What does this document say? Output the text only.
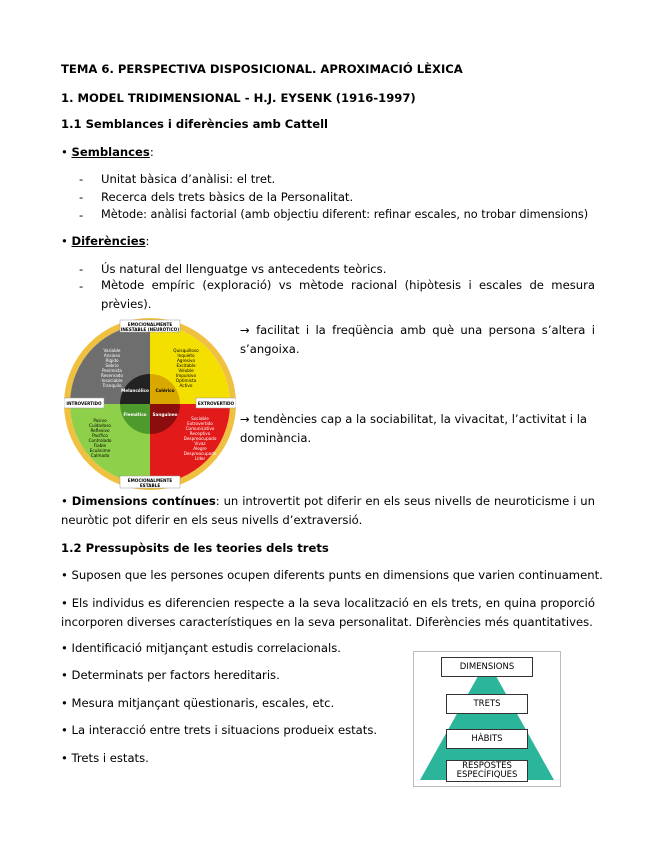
TEMA 6. PERSPECTIVA DISPOSICIONAL. APROXIMACIÓ LÈXICA
1. MODEL TRIDIMENSIONAL - H.J. EYSENK (1916-1997)
1.1 Semblances i diferències amb Cattell
• Semblances:
- Unitat bàsica d’anàlisi: el tret.
- Recerca dels trets bàsics de la Personalitat.
- Mètode: anàlisi factorial (amb objectiu diferent: refinar escales, no trobar dimensions)
• Diferències:
- Ús natural del llenguatge vs antecedents teòrics.
- Mètode empíric (exploració) vs mètode racional (hipòtesis i escales de mesura prèvies).
EMOCIONALMENTE
INESTABLE (NEURÓTICO)
EMOCIONALMENTE
ESTABLE
INTROVERTIDO	EXTROVERTIDO
Variable
Ansioso
Rígido
Sobrio
Pesimista
Reservado
Insociable
Tranquilo
Quisquilloso
Inquieto
Agresivo
Excitable
Voluble
Impulsivo
Optimista
Activo
Pasivo
Cuidadoso
Reflexivo
Pacífico
Controlado
Fiable
Ecuánime
Calmado
Sociable
Extrovertido
Comunicativo
Receptivo
Despreocupado
Vivaz
Alegre
Despreocupado
Líder
Melancólico	Colérico
Flemático	Sanguíneo
→ facilitat i la freqüència amb què una persona s’altera i s’angoixa.
→ tendències cap a la sociabilitat, la vivacitat, l’activitat i la dominància.
• Dimensions contínues: un introvertit pot diferir en els seus nivells de neuroticisme i un neuròtic pot diferir en els seus nivells d’extraversió.
1.2 Pressupòsits de les teories dels trets
• Suposen que les persones ocupen diferents punts en dimensions que varien continuament.
• Els individus es diferencien respecte a la seva localització en els trets, en quina proporció incorporen diverses característiques en la seva personalitat. Diferències més quantitatives.
• Identificació mitjançant estudis correlacionals.
• Determinats per factors hereditaris.
• Mesura mitjançant qüestionaris, escales, etc.
• La interacció entre trets i situacions produeix estats.
• Trets i estats.
DIMENSIONS
TRETS
HÀBITS
RESPOSTES ESPECÍFIQUES
